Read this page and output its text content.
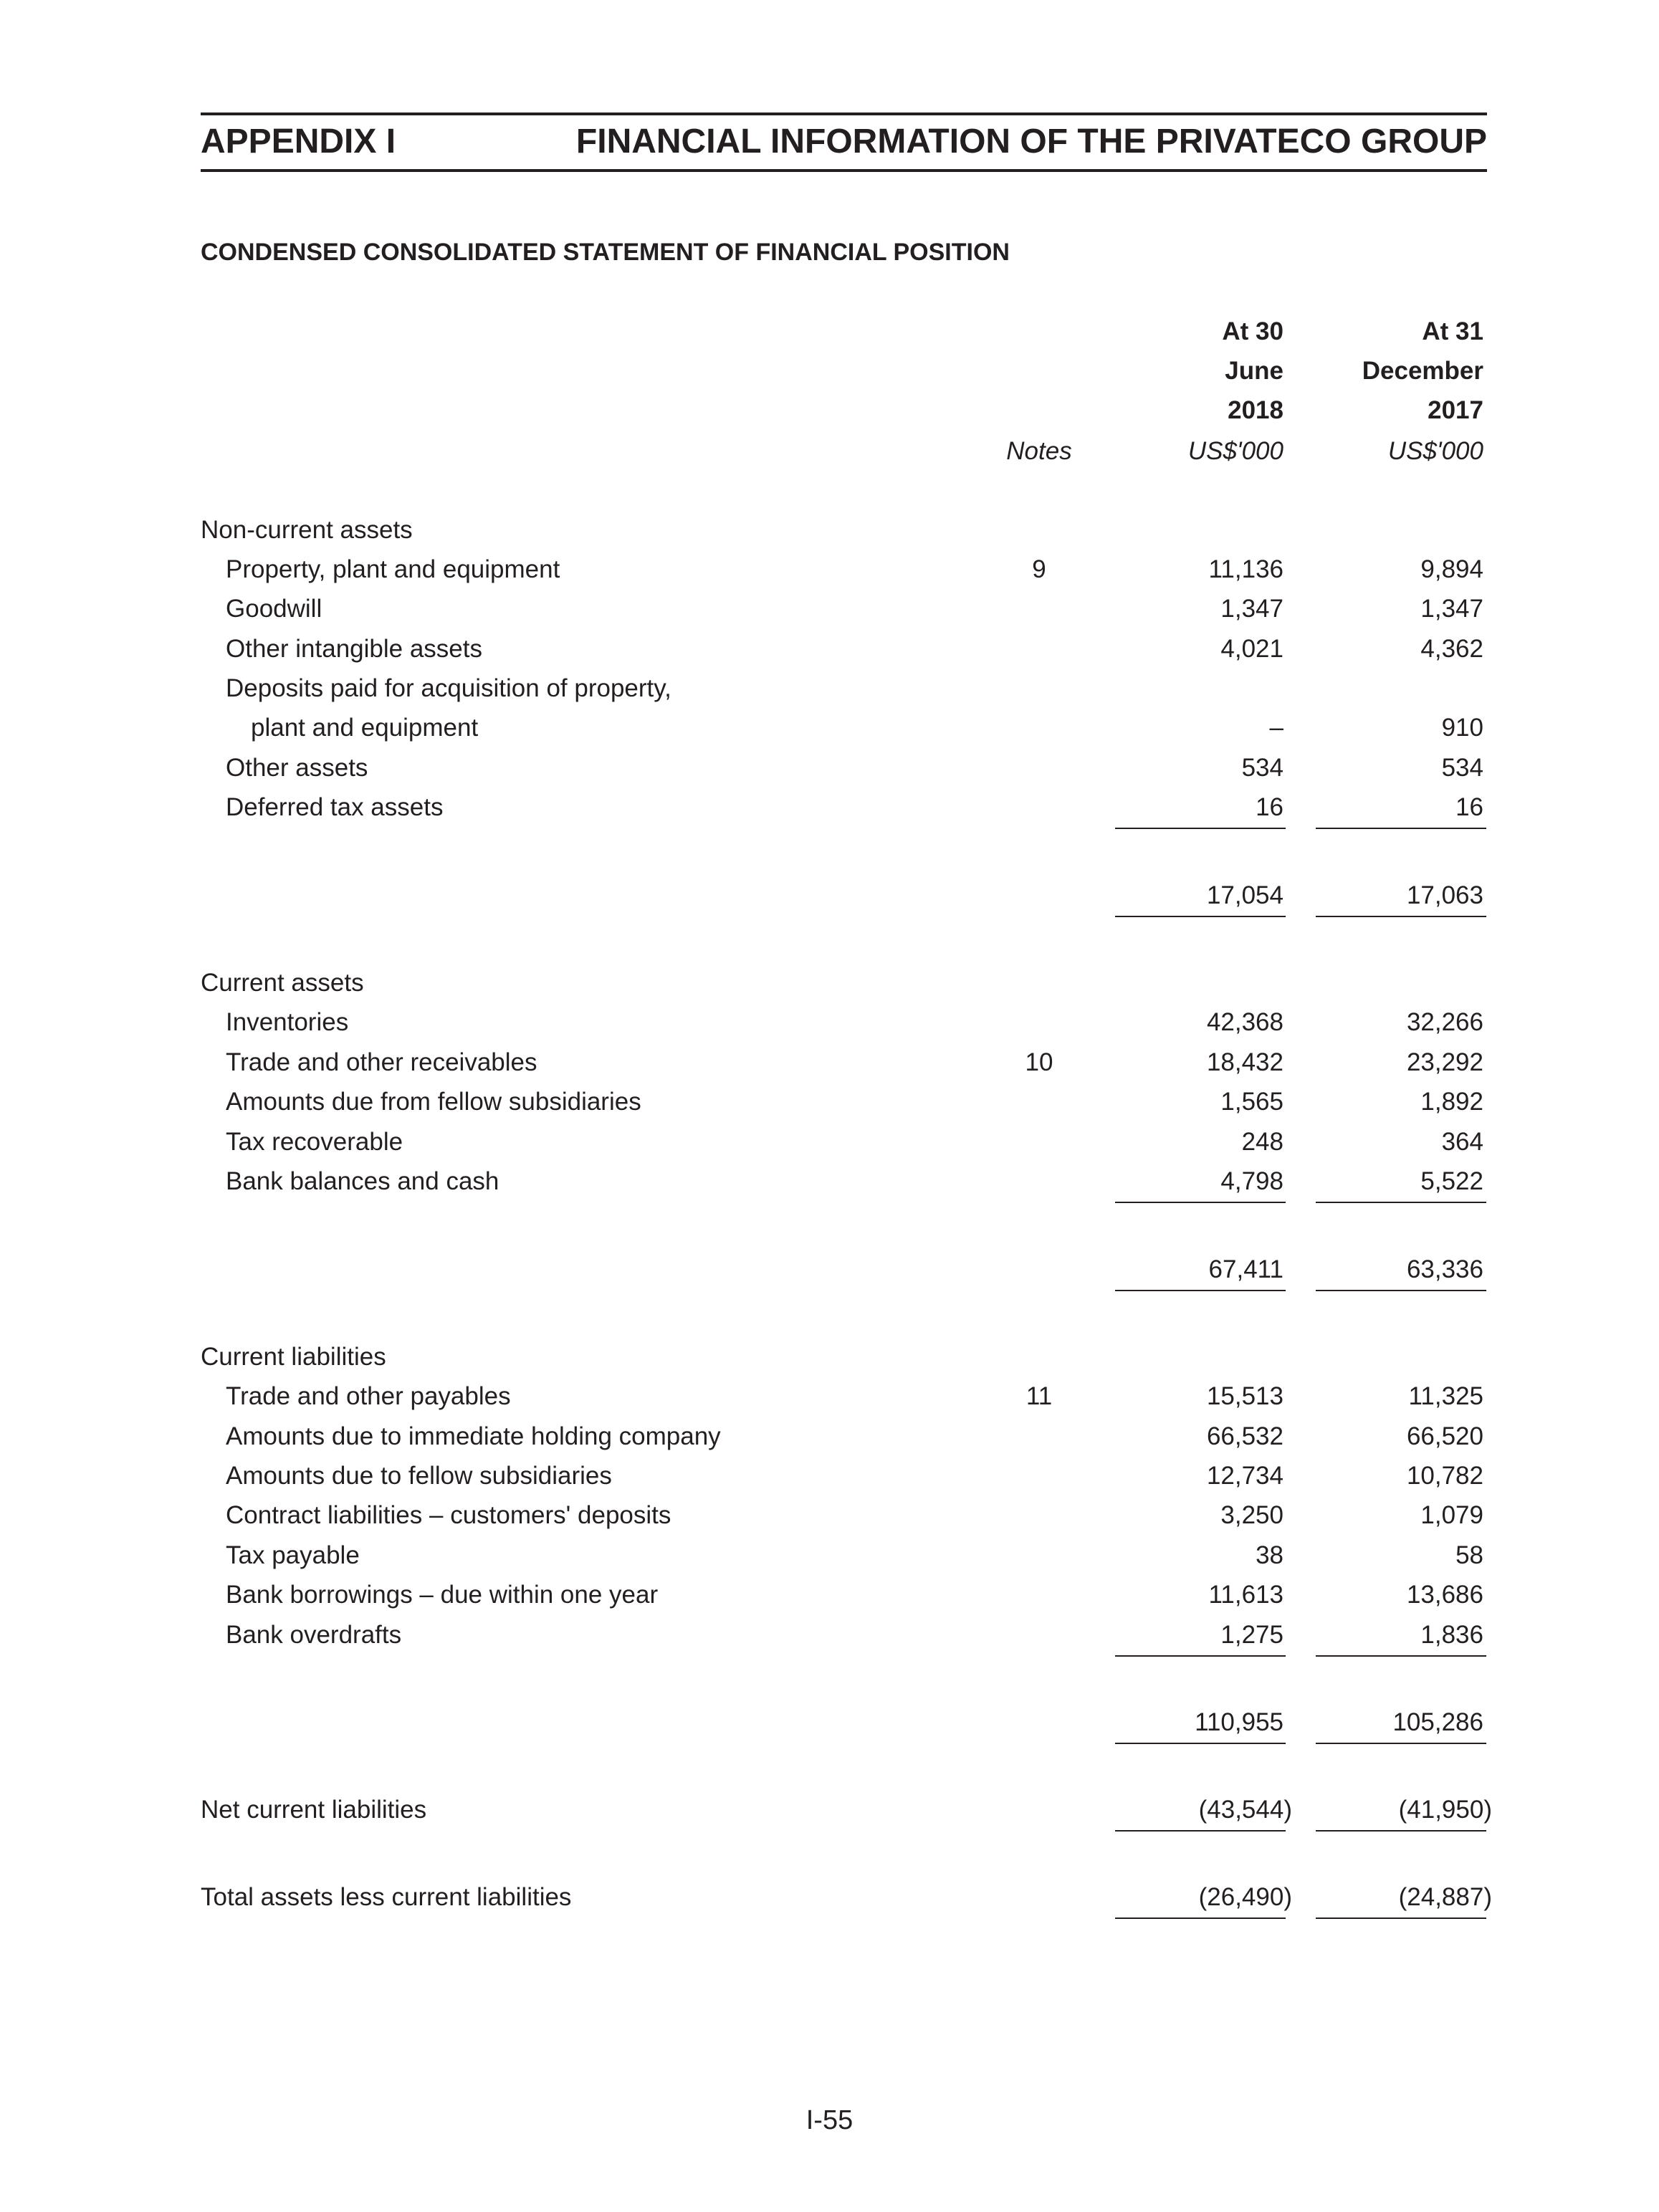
APPENDIX I	FINANCIAL INFORMATION OF THE PRIVATECO GROUP
CONDENSED CONSOLIDATED STATEMENT OF FINANCIAL POSITION
At 30
June
2018
At 31
December
2017
Notes	US$'000	US$'000
Non-current assets
Property, plant and equipment	9	11,136	9,894
Goodwill	1,347	1,347
Other intangible assets	4,021	4,362
Deposits paid for acquisition of property,
plant and equipment	–	910
Other assets	534	534
Deferred tax assets	16	16
17,054	17,063
Current assets
Inventories	42,368	32,266
Trade and other receivables	10	18,432	23,292
Amounts due from fellow subsidiaries	1,565	1,892
Tax recoverable	248	364
Bank balances and cash	4,798	5,522
67,411	63,336
Current liabilities
Trade and other payables	11	15,513	11,325
Amounts due to immediate holding company	66,532	66,520
Amounts due to fellow subsidiaries	12,734	10,782
Contract liabilities – customers' deposits	3,250	1,079
Tax payable	38	58
Bank borrowings – due within one year	11,613	13,686
Bank overdrafts	1,275	1,836
110,955	105,286
Net current liabilities	(43,544)	(41,950)
Total assets less current liabilities	(26,490)	(24,887)
I-55
